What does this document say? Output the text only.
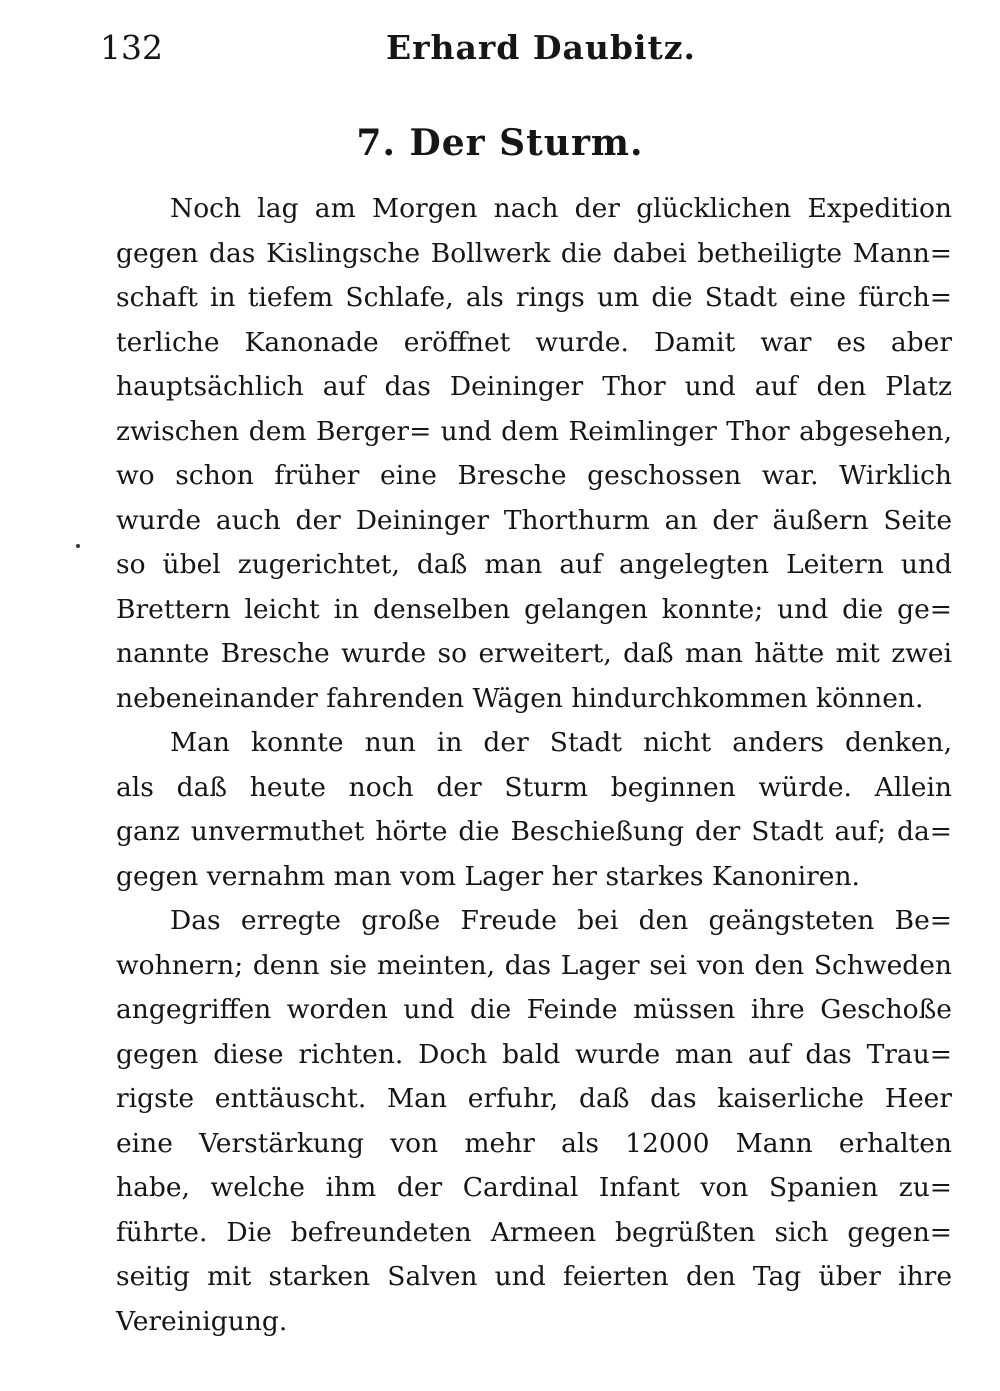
132	Erhard Daubitz.
7. Der Sturm.
Noch lag am Morgen nach der glücklichen Expedition
gegen das Kislingsche Bollwerk die dabei betheiligte Mann=
schaft in tiefem Schlafe, als rings um die Stadt eine fürch=
terliche Kanonade eröffnet wurde. Damit war es aber
hauptsächlich auf das Deininger Thor und auf den Platz
zwischen dem Berger= und dem Reimlinger Thor abgesehen,
wo schon früher eine Bresche geschossen war. Wirklich
wurde auch der Deininger Thorthurm an der äußern Seite
so übel zugerichtet, daß man auf angelegten Leitern und
Brettern leicht in denselben gelangen konnte; und die ge=
nannte Bresche wurde so erweitert, daß man hätte mit zwei
nebeneinander fahrenden Wägen hindurchkommen können.
Man konnte nun in der Stadt nicht anders denken,
als daß heute noch der Sturm beginnen würde. Allein
ganz unvermuthet hörte die Beschießung der Stadt auf; da=
gegen vernahm man vom Lager her starkes Kanoniren.
Das erregte große Freude bei den geängsteten Be=
wohnern; denn sie meinten, das Lager sei von den Schweden
angegriffen worden und die Feinde müssen ihre Geschoße
gegen diese richten. Doch bald wurde man auf das Trau=
rigste enttäuscht. Man erfuhr, daß das kaiserliche Heer
eine Verstärkung von mehr als 12000 Mann erhalten
habe, welche ihm der Cardinal Infant von Spanien zu=
führte. Die befreundeten Armeen begrüßten sich gegen=
seitig mit starken Salven und feierten den Tag über ihre
Vereinigung.
